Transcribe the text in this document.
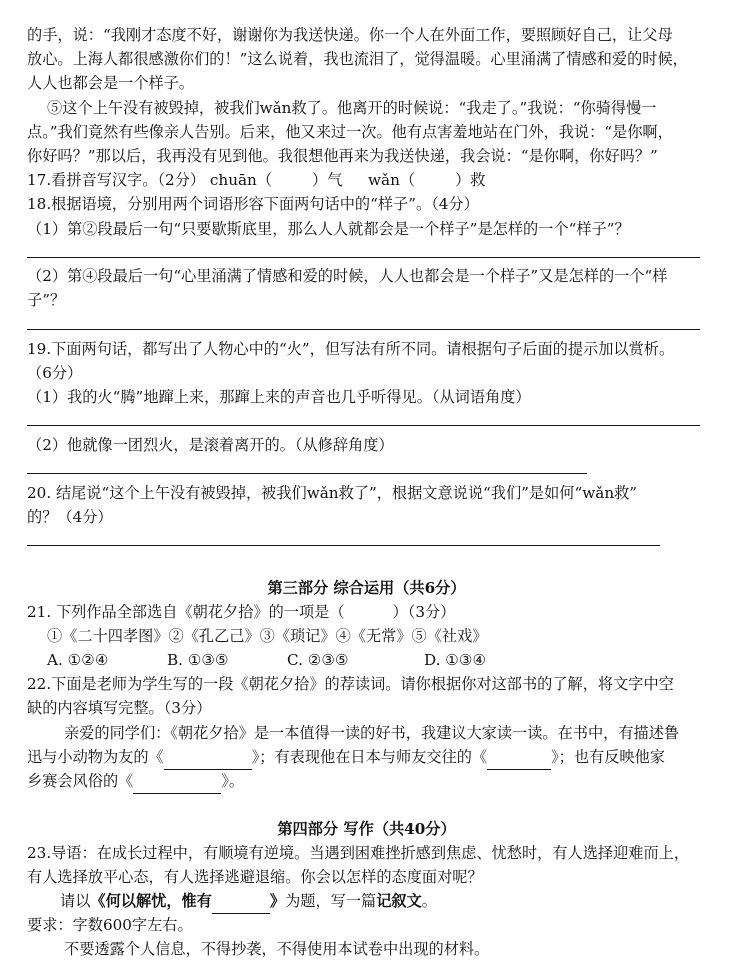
的手，说：“我刚才态度不好，谢谢你为我送快递。你一个人在外面工作，要照顾好自己，让父母
放心。上海人都很感激你们的！”这么说着，我也流泪了，觉得温暖。心里涌满了情感和爱的时候，
人人也都会是一个样子。
⑤这个上午没有被毁掉，被我们wǎn救了。他离开的时候说：“我走了。”我说：“你骑得慢一
点。”我们竟然有些像亲人告别。后来，他又来过一次。他有点害羞地站在门外，我说：“是你啊，
你好吗？”那以后，我再没有见到他。我很想他再来为我送快递，我会说：“是你啊，你好吗？”
17.看拼音写汉字。（2分） chuān（	）气 wǎn（	）救
18.根据语境，分别用两个词语形容下面两句话中的“样子”。（4分）
（1）第②段最后一句“只要歇斯底里，那么人人就都会是一个样子”是怎样的一个“样子”？
（2）第④段最后一句“心里涌满了情感和爱的时候，人人也都会是一个样子”又是怎样的一个“样
子”？
19.下面两句话，都写出了人物心中的“火”，但写法有所不同。请根据句子后面的提示加以赏析。
（6分）
（1）我的火“腾”地蹿上来，那蹿上来的声音也几乎听得见。（从词语角度）
（2）他就像一团烈火，是滚着离开的。（从修辞角度）
20. 结尾说“这个上午没有被毁掉，被我们wǎn救了”，根据文意说说“我们”是如何“wǎn救”
的？（4分）
第三部分 综合运用（共6分）
21. 下列作品全部选自《朝花夕拾》的一项是（	）（3分）
①《二十四孝图》②《孔乙己》③《琐记》④《无常》⑤《社戏》
A. ①②④	B. ①③⑤	C. ②③⑤	D. ①③④
22.下面是老师为学生写的一段《朝花夕拾》的荐读词。请你根据你对这部书的了解，将文字中空
缺的内容填写完整。（3分）
亲爱的同学们：《朝花夕拾》是一本值得一读的好书，我建议大家读一读。在书中，有描述鲁
迅与小动物为友的《	》；有表现他在日本与师友交往的《	》；也有反映他家
乡赛会风俗的《	》。
第四部分 写作（共40分）
23.导语：在成长过程中，有顺境有逆境。当遇到困难挫折感到焦虑、忧愁时，有人选择迎难而上，
有人选择放平心态，有人选择逃避退缩。你会以怎样的态度面对呢？
请以《何以解忧，惟有	》为题，写一篇记叙文。
要求：字数600字左右。
不要透露个人信息，不得抄袭，不得使用本试卷中出现的材料。
